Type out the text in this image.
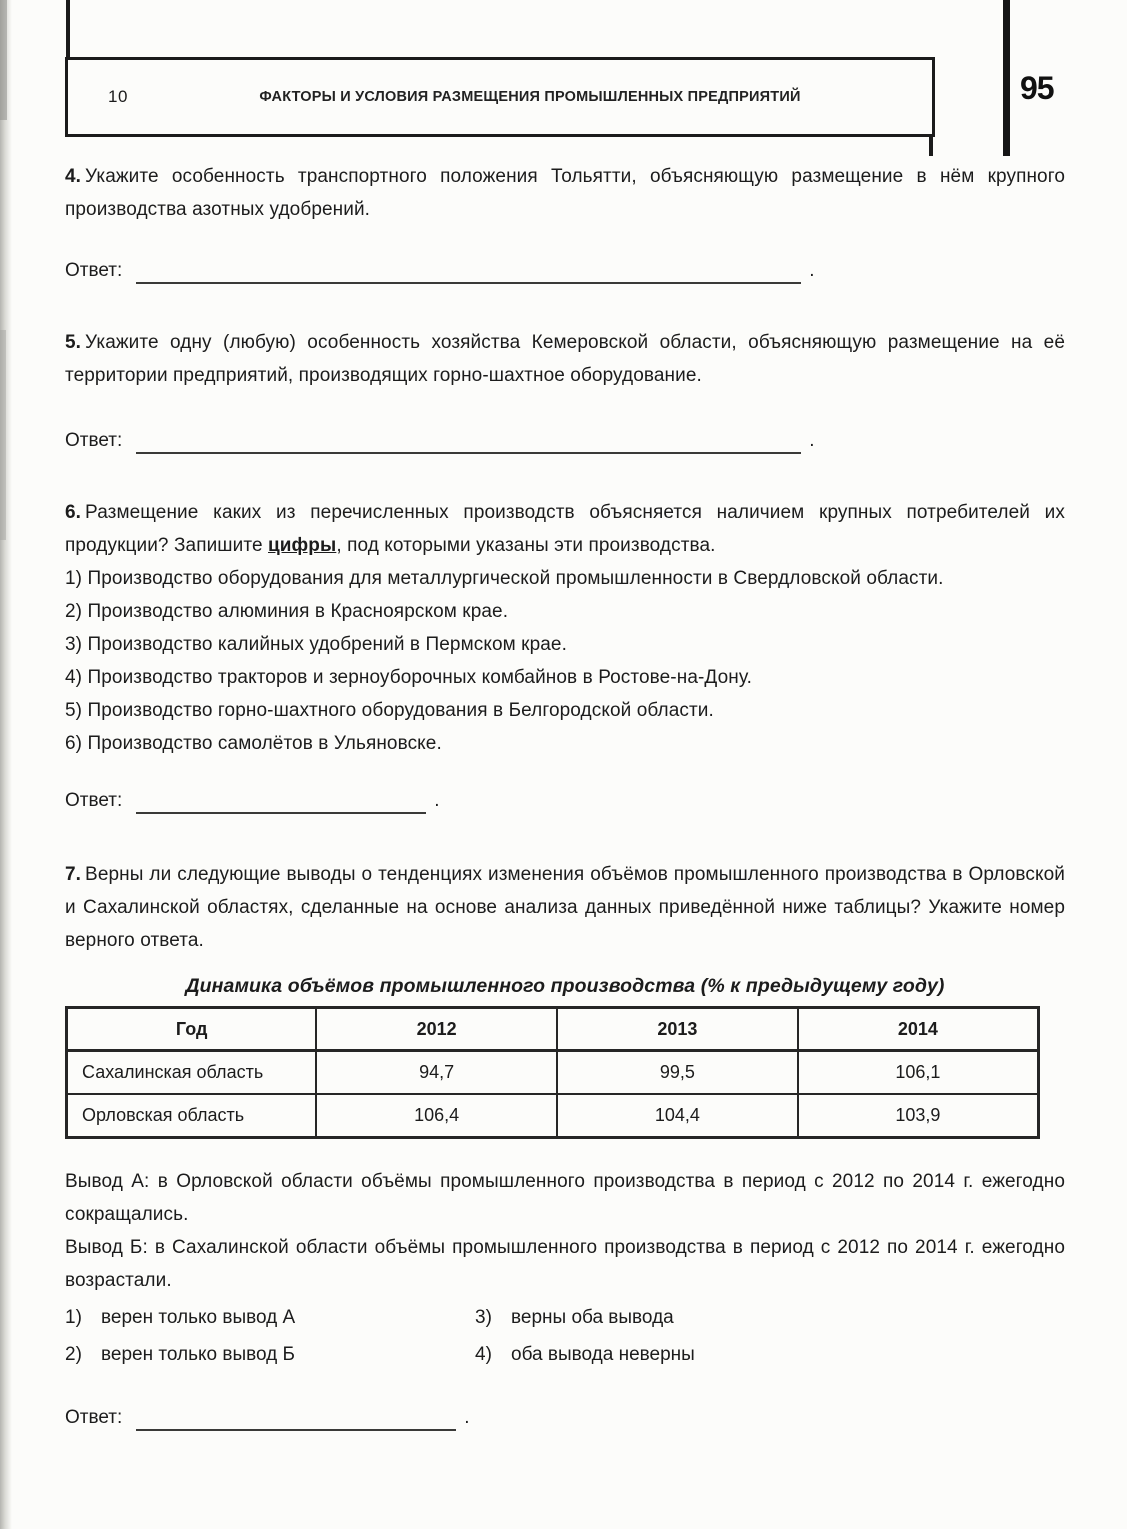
10	ФАКТОРЫ И УСЛОВИЯ РАЗМЕЩЕНИЯ ПРОМЫШЛЕННЫХ ПРЕДПРИЯТИЙ	95

4. Укажите особенность транспортного положения Тольятти, объясняющую размещение в нём крупного производства азотных удобрений.

Ответ:	.

5. Укажите одну (любую) особенность хозяйства Кемеровской области, объясняющую размещение на её территории предприятий, производящих горно-шахтное оборудование.

Ответ:	.

6. Размещение каких из перечисленных производств объясняется наличием крупных потребителей их продукции? Запишите цифры, под которыми указаны эти производства.

1) Производство оборудования для металлургической промышленности в Свердловской области.

2) Производство алюминия в Красноярском крае.

3) Производство калийных удобрений в Пермском крае.

4) Производство тракторов и зерноуборочных комбайнов в Ростове-на-Дону.

5) Производство горно-шахтного оборудования в Белгородской области.

6) Производство самолётов в Ульяновске.

Ответ:	.

7. Верны ли следующие выводы о тенденциях изменения объёмов промышленного производства в Орловской и Сахалинской областях, сделанные на основе анализа данных приведённой ниже таблицы? Укажите номер верного ответа.

Динамика объёмов промышленного производства (% к предыдущему году)

Год	2012	2013	2014
Сахалинская область	94,7	99,5	106,1
Орловская область	106,4	104,4	103,9

Вывод А: в Орловской области объёмы промышленного производства в период с 2012 по 2014 г. ежегодно сокращались.

Вывод Б: в Сахалинской области объёмы промышленного производства в период с 2012 по 2014 г. ежегодно возрастали.

1)	верен только вывод А	3)	верны оба вывода
2)	верен только вывод Б	4)	оба вывода неверны
Ответ:	.
